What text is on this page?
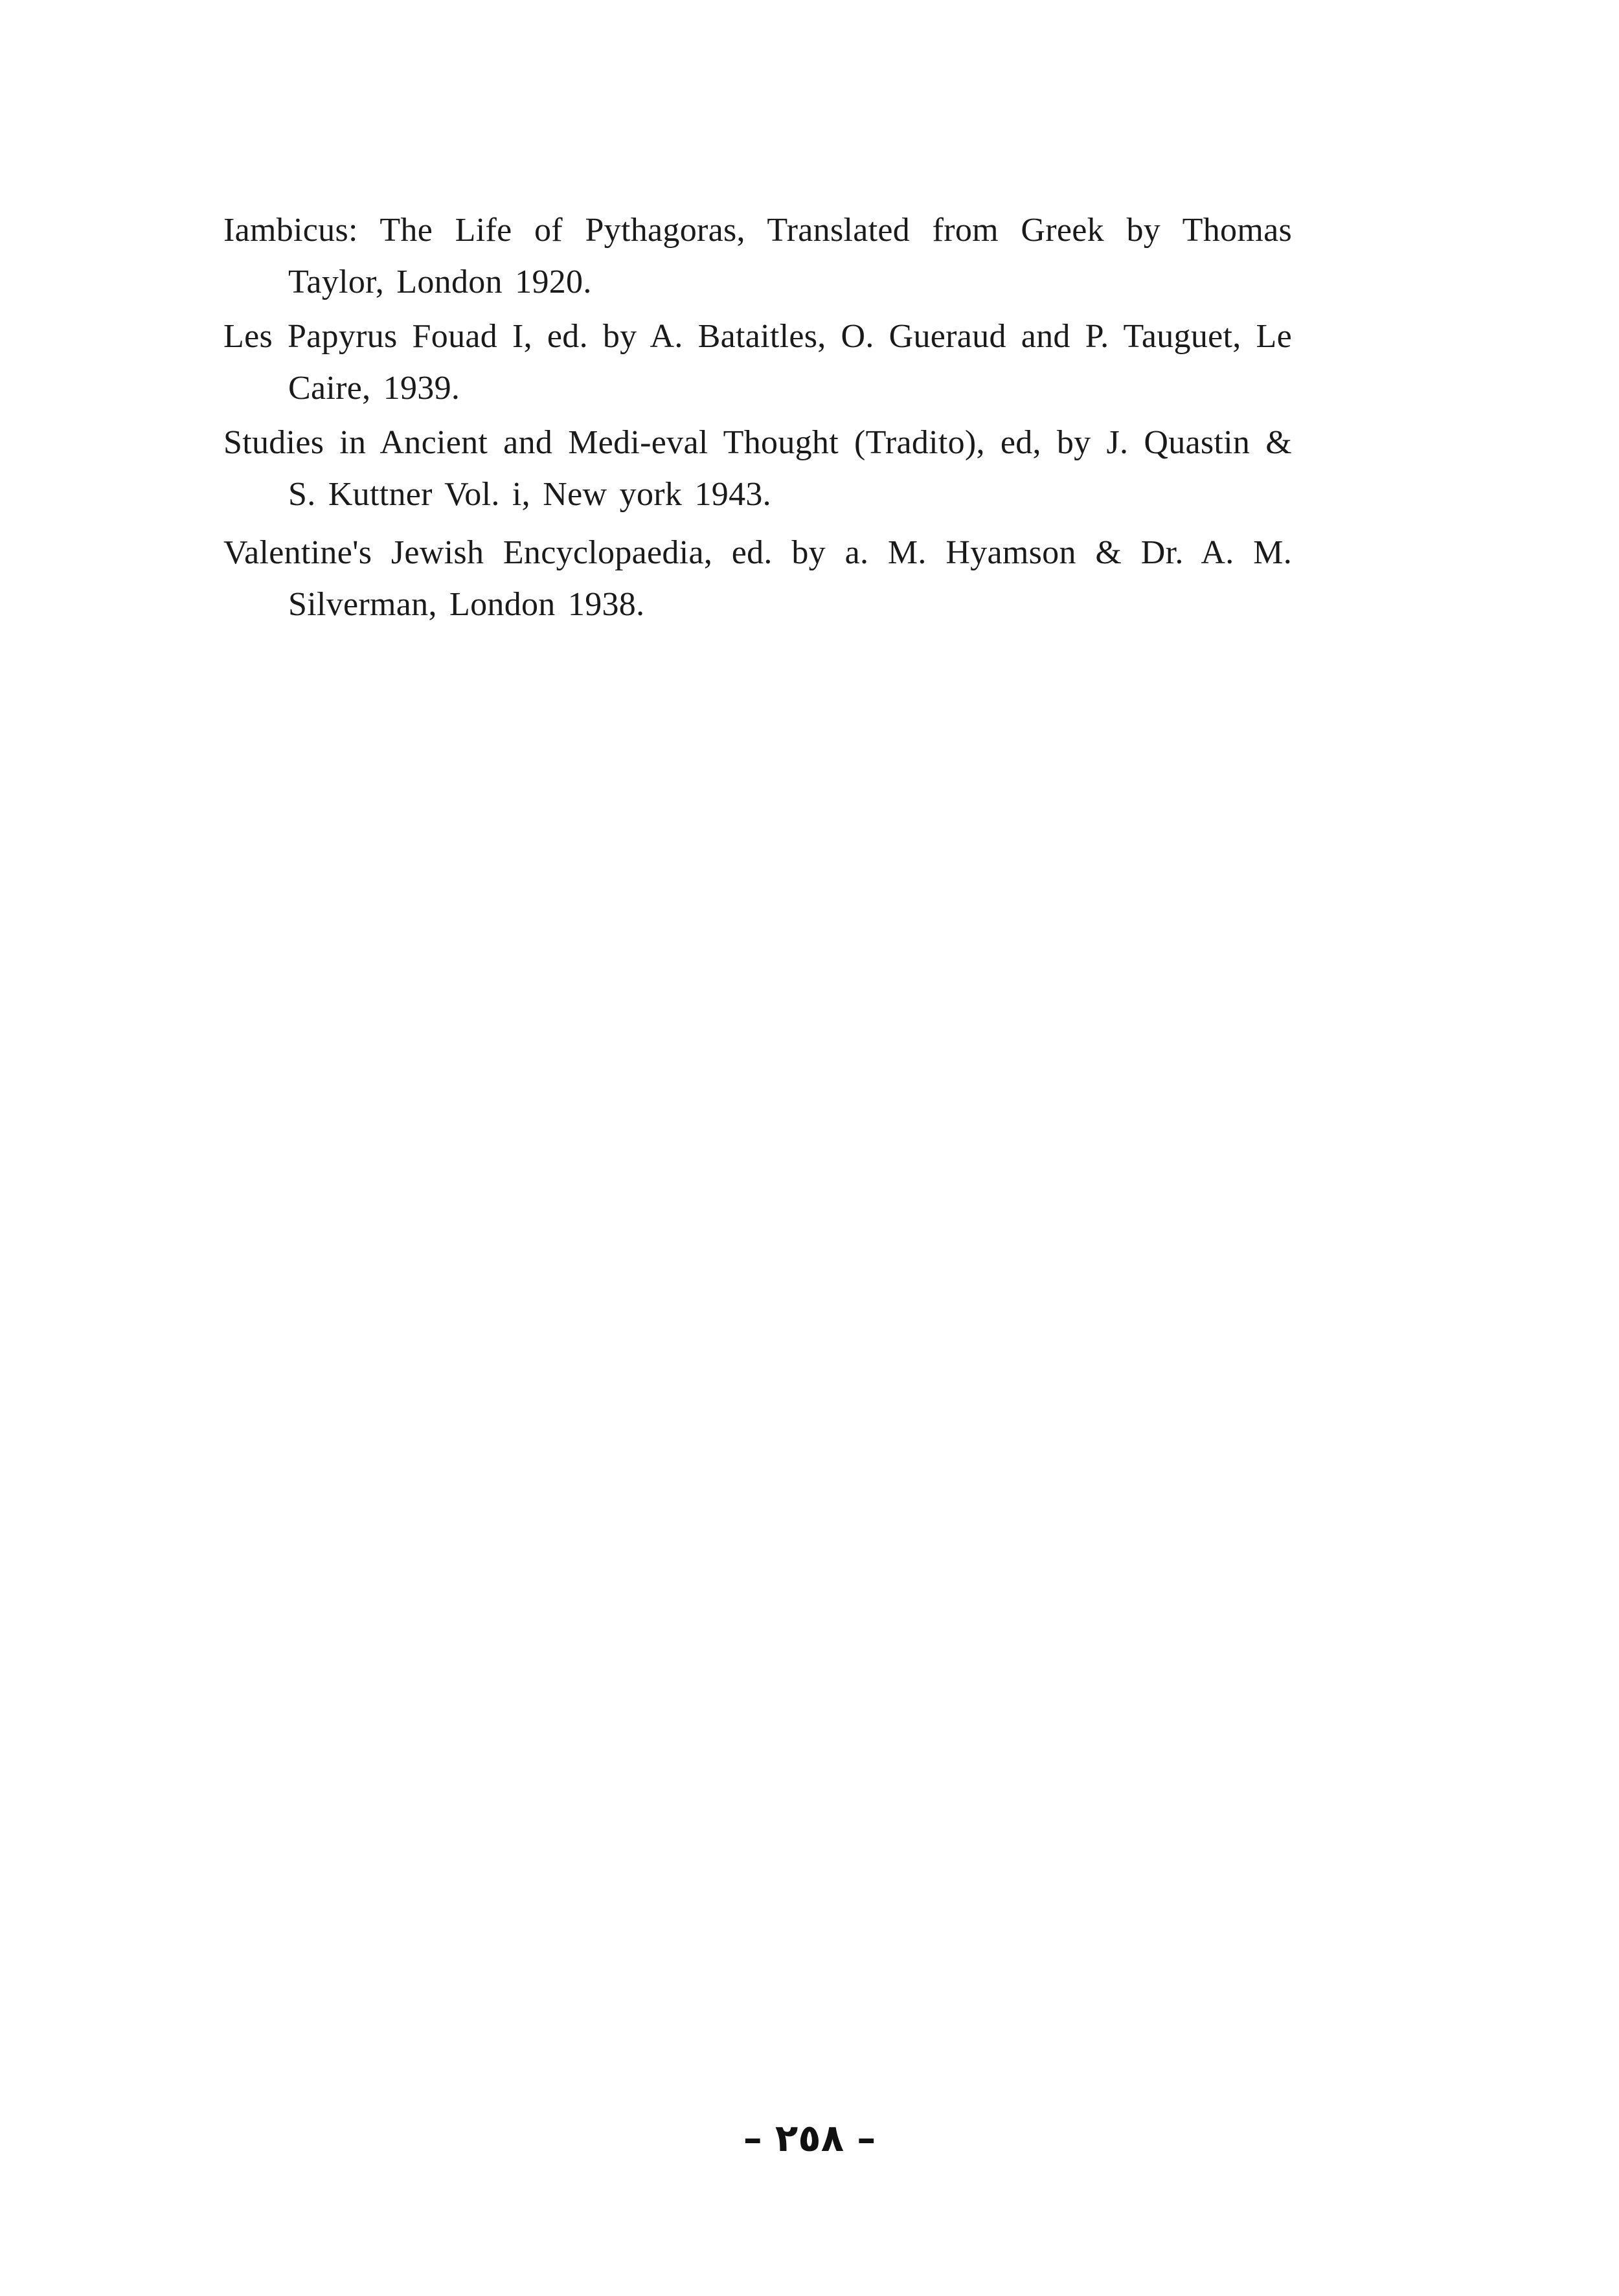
Iambicus: The Life of Pythagoras, Translated from Greek by Thomas Taylor, London 1920.
Les Papyrus Fouad I, ed. by A. Bataitles, O. Gueraud and P. Tauguet, Le Caire, 1939.
Studies in Ancient and Medi-eval Thought (Tradito), ed, by J. Quastin & S. Kuttner Vol. i, New york 1943.
Valentine's Jewish Encyclopaedia, ed. by a. M. Hyamson & Dr. A. M. Silverman, London 1938.
– ٢٥٨ –
